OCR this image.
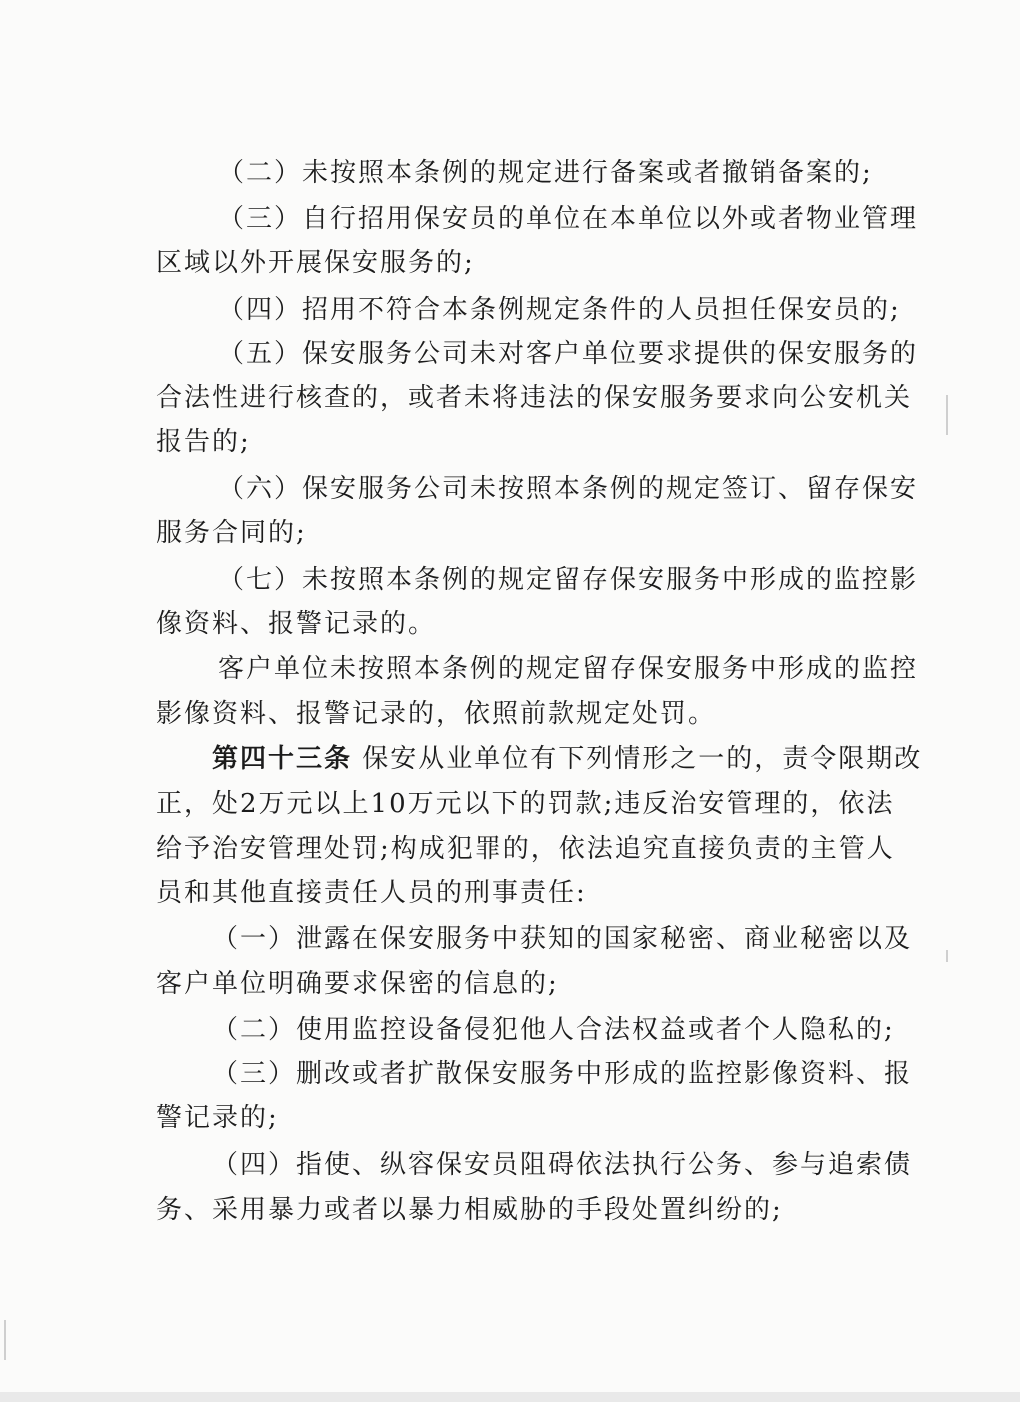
（二）未按照本条例的规定进行备案或者撤销备案的;
（三）自行招用保安员的单位在本单位以外或者物业管理
区域以外开展保安服务的;
（四）招用不符合本条例规定条件的人员担任保安员的;
（五）保安服务公司未对客户单位要求提供的保安服务的
合法性进行核查的，或者未将违法的保安服务要求向公安机关
报告的;
（六）保安服务公司未按照本条例的规定签订、留存保安
服务合同的;
（七）未按照本条例的规定留存保安服务中形成的监控影
像资料、报警记录的。
客户单位未按照本条例的规定留存保安服务中形成的监控
影像资料、报警记录的，依照前款规定处罚。
第四十三条 保安从业单位有下列情形之一的，责令限期改
正，处2万元以上10万元以下的罚款;违反治安管理的，依法
给予治安管理处罚;构成犯罪的，依法追究直接负责的主管人
员和其他直接责任人员的刑事责任:
（一）泄露在保安服务中获知的国家秘密、商业秘密以及
客户单位明确要求保密的信息的;
（二）使用监控设备侵犯他人合法权益或者个人隐私的;
（三）删改或者扩散保安服务中形成的监控影像资料、报
警记录的;
（四）指使、纵容保安员阻碍依法执行公务、参与追索债
务、采用暴力或者以暴力相威胁的手段处置纠纷的;
